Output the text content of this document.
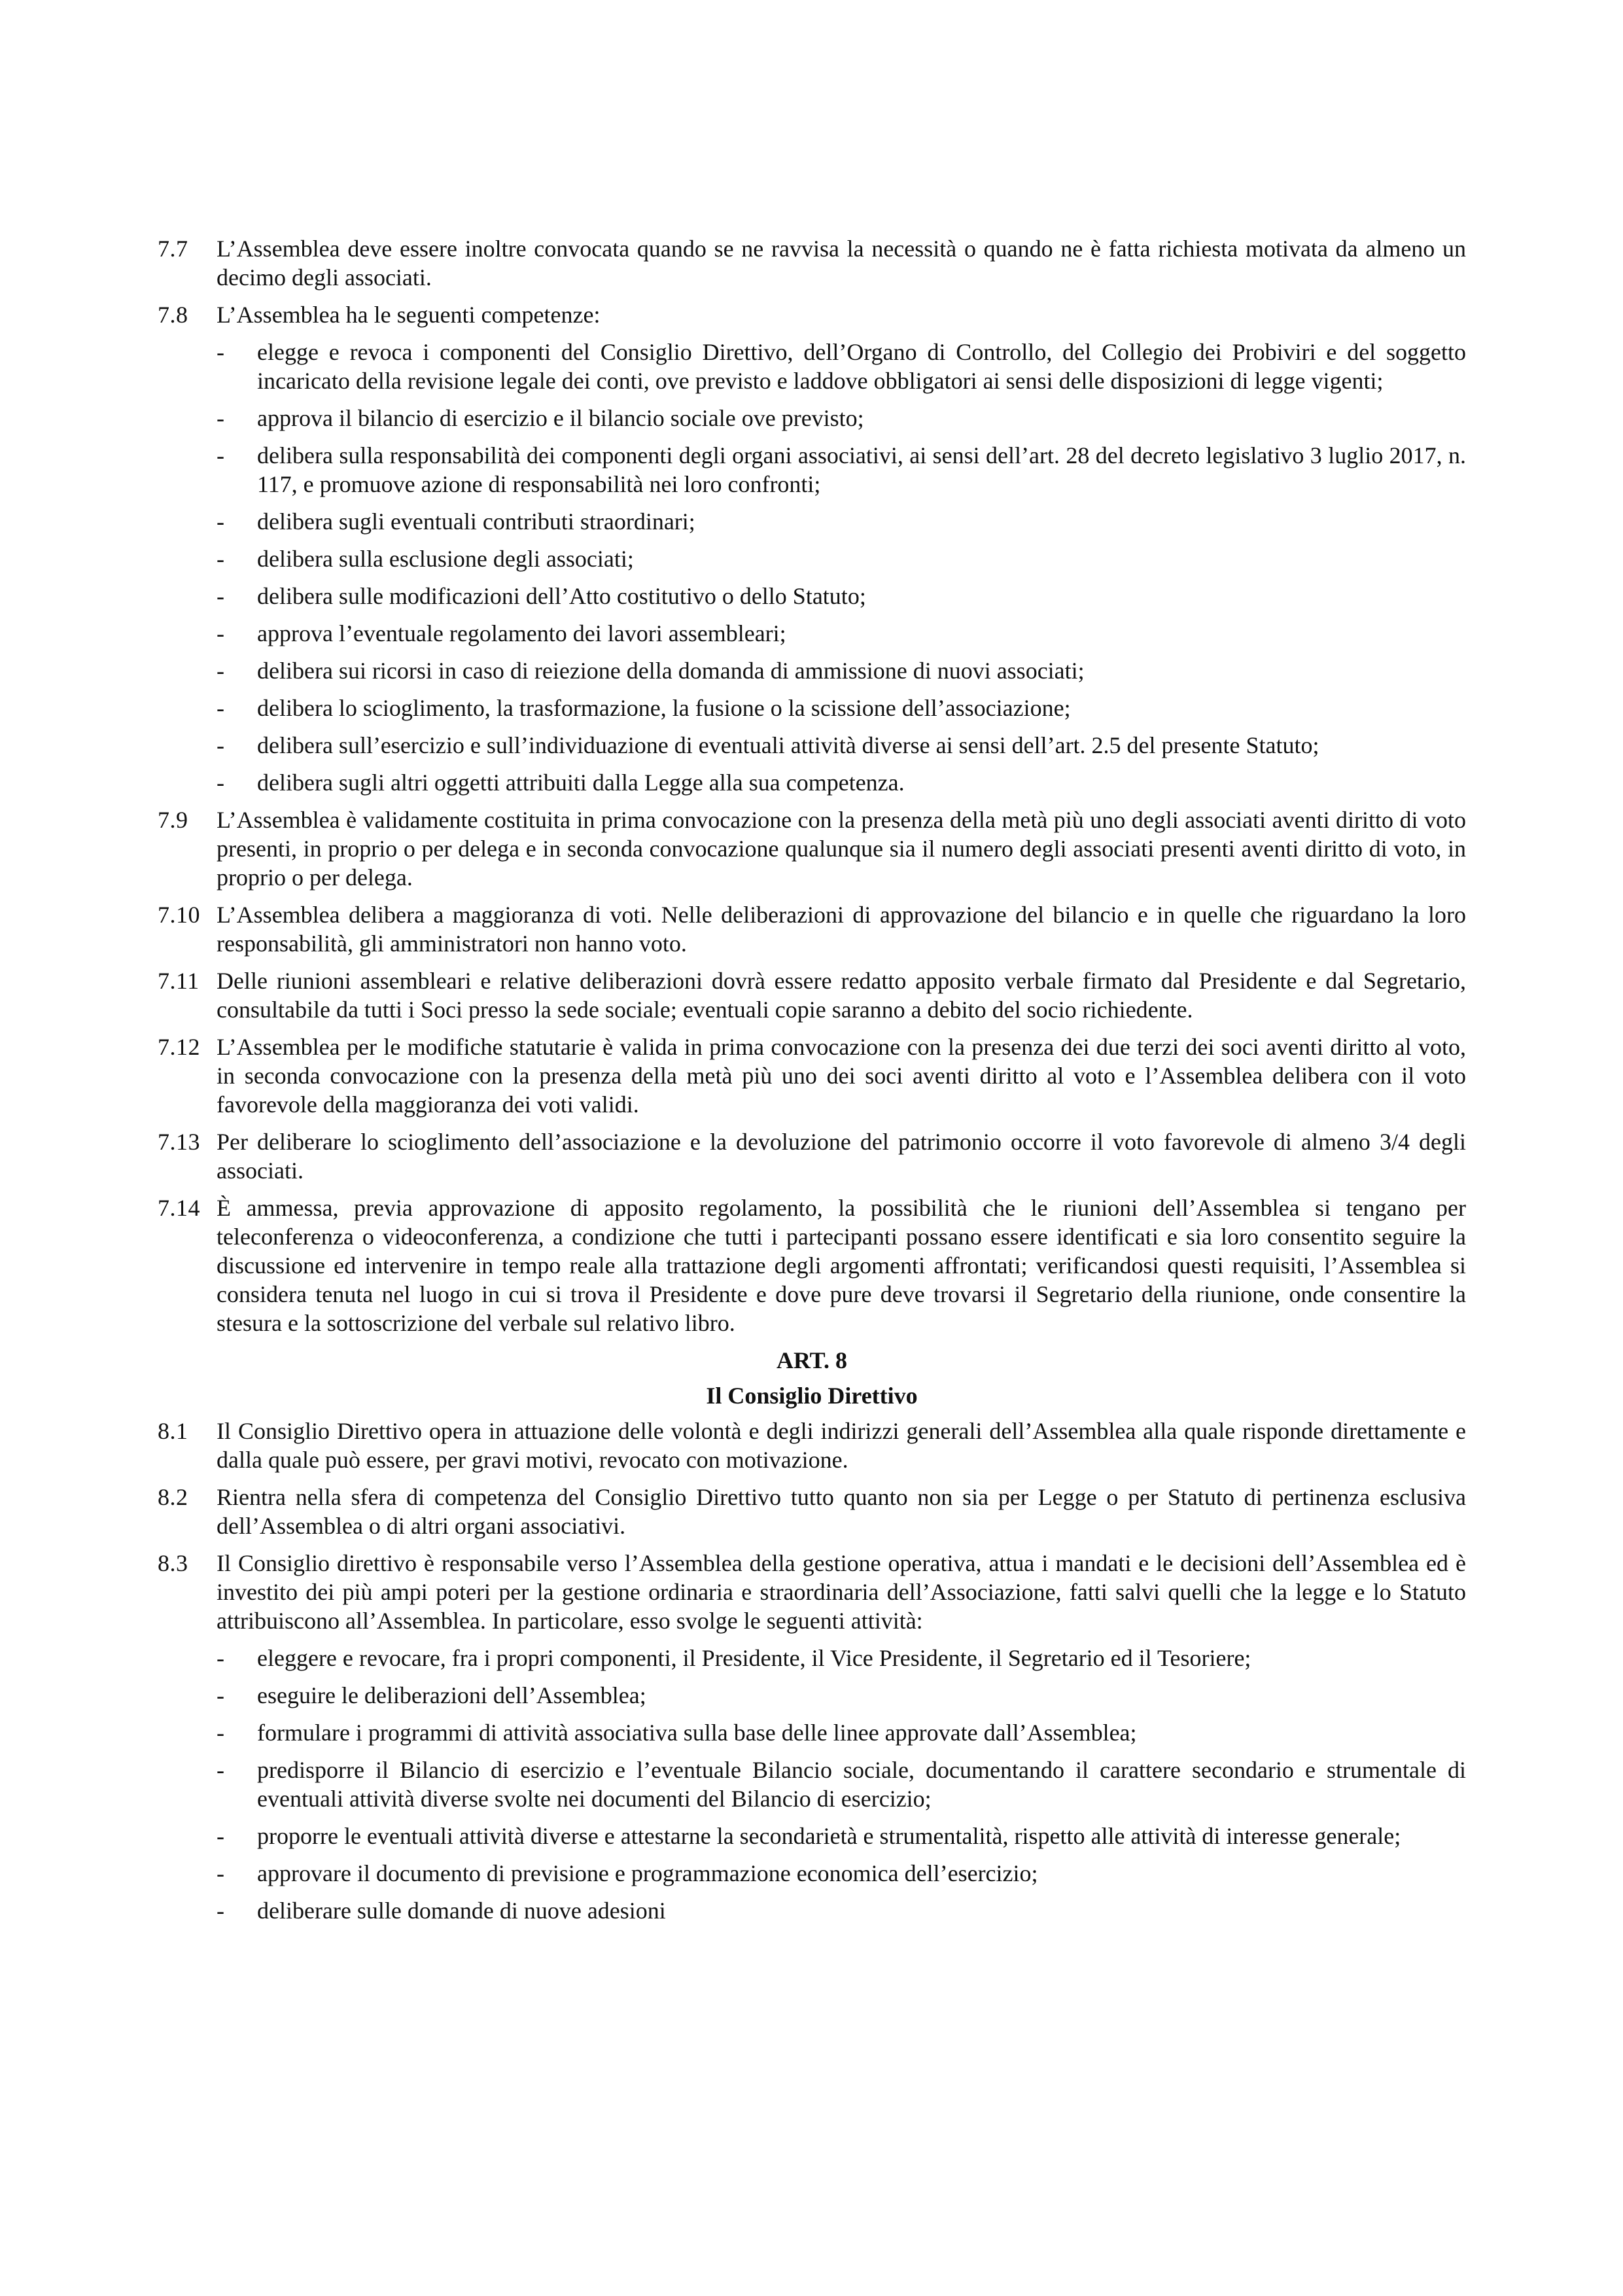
7.7	L’Assemblea deve essere inoltre convocata quando se ne ravvisa la necessità o quando ne è fatta richiesta motivata da almeno un decimo degli associati.
7.8	L’Assemblea ha le seguenti competenze:
-	elegge e revoca i componenti del Consiglio Direttivo, dell’Organo di Controllo, del Collegio dei Probiviri e del soggetto incaricato della revisione legale dei conti, ove previsto e laddove obbligatori ai sensi delle disposizioni di legge vigenti;
-	approva il bilancio di esercizio e il bilancio sociale ove previsto;
-	delibera sulla responsabilità dei componenti degli organi associativi, ai sensi dell’art. 28 del decreto legislativo 3 luglio 2017, n. 117, e promuove azione di responsabilità nei loro confronti;
-	delibera sugli eventuali contributi straordinari;
-	delibera sulla esclusione degli associati;
-	delibera sulle modificazioni dell’Atto costitutivo o dello Statuto;
-	approva l’eventuale regolamento dei lavori assembleari;
-	delibera sui ricorsi in caso di reiezione della domanda di ammissione di nuovi associati;
-	delibera lo scioglimento, la trasformazione, la fusione o la scissione dell’associazione;
-	delibera sull’esercizio e sull’individuazione di eventuali attività diverse ai sensi dell’art. 2.5 del presente Statuto;
-	delibera sugli altri oggetti attribuiti dalla Legge alla sua competenza.
7.9	L’Assemblea è validamente costituita in prima convocazione con la presenza della metà più uno degli associati aventi diritto di voto presenti, in proprio o per delega e in seconda convocazione qualunque sia il numero degli associati presenti aventi diritto di voto, in proprio o per delega.
7.10 L’Assemblea delibera a maggioranza di voti. Nelle deliberazioni di approvazione del bilancio e in quelle che riguardano la loro responsabilità, gli amministratori non hanno voto.
7.11 Delle riunioni assembleari e relative deliberazioni dovrà essere redatto apposito verbale firmato dal Presidente e dal Segretario, consultabile da tutti i Soci presso la sede sociale; eventuali copie saranno a debito del socio richiedente.
7.12 L’Assemblea per le modifiche statutarie è valida in prima convocazione con la presenza dei due terzi dei soci aventi diritto al voto, in seconda convocazione con la presenza della metà più uno dei soci aventi diritto al voto e l’Assemblea delibera con il voto favorevole della maggioranza dei voti validi.
7.13 Per deliberare lo scioglimento dell’associazione e la devoluzione del patrimonio occorre il voto favorevole di almeno 3/4 degli associati.
7.14 È ammessa, previa approvazione di apposito regolamento, la possibilità che le riunioni dell’Assemblea si tengano per teleconferenza o videoconferenza, a condizione che tutti i partecipanti possano essere identificati e sia loro consentito seguire la discussione ed intervenire in tempo reale alla trattazione degli argomenti affrontati; verificandosi questi requisiti, l’Assemblea si considera tenuta nel luogo in cui si trova il Presidente e dove pure deve trovarsi il Segretario della riunione, onde consentire la stesura e la sottoscrizione del verbale sul relativo libro.
ART. 8
Il Consiglio Direttivo
8.1	Il Consiglio Direttivo opera in attuazione delle volontà e degli indirizzi generali dell’Assemblea alla quale risponde direttamente e dalla quale può essere, per gravi motivi, revocato con motivazione.
8.2	Rientra nella sfera di competenza del Consiglio Direttivo tutto quanto non sia per Legge o per Statuto di pertinenza esclusiva dell’Assemblea o di altri organi associativi.
8.3	Il Consiglio direttivo è responsabile verso l’Assemblea della gestione operativa, attua i mandati e le decisioni dell’Assemblea ed è investito dei più ampi poteri per la gestione ordinaria e straordinaria dell’Associazione, fatti salvi quelli che la legge e lo Statuto attribuiscono all’Assemblea. In particolare, esso svolge le seguenti attività:
-	eleggere e revocare, fra i propri componenti, il Presidente, il Vice Presidente, il Segretario ed il Tesoriere;
-	eseguire le deliberazioni dell’Assemblea;
-	formulare i programmi di attività associativa sulla base delle linee approvate dall’Assemblea;
-	predisporre il Bilancio di esercizio e l’eventuale Bilancio sociale, documentando il carattere secondario e strumentale di eventuali attività diverse svolte nei documenti del Bilancio di esercizio;
-	proporre le eventuali attività diverse e attestarne la secondarietà e strumentalità, rispetto alle attività di interesse generale;
-	approvare il documento di previsione e programmazione economica dell’esercizio;
-	deliberare sulle domande di nuove adesioni
